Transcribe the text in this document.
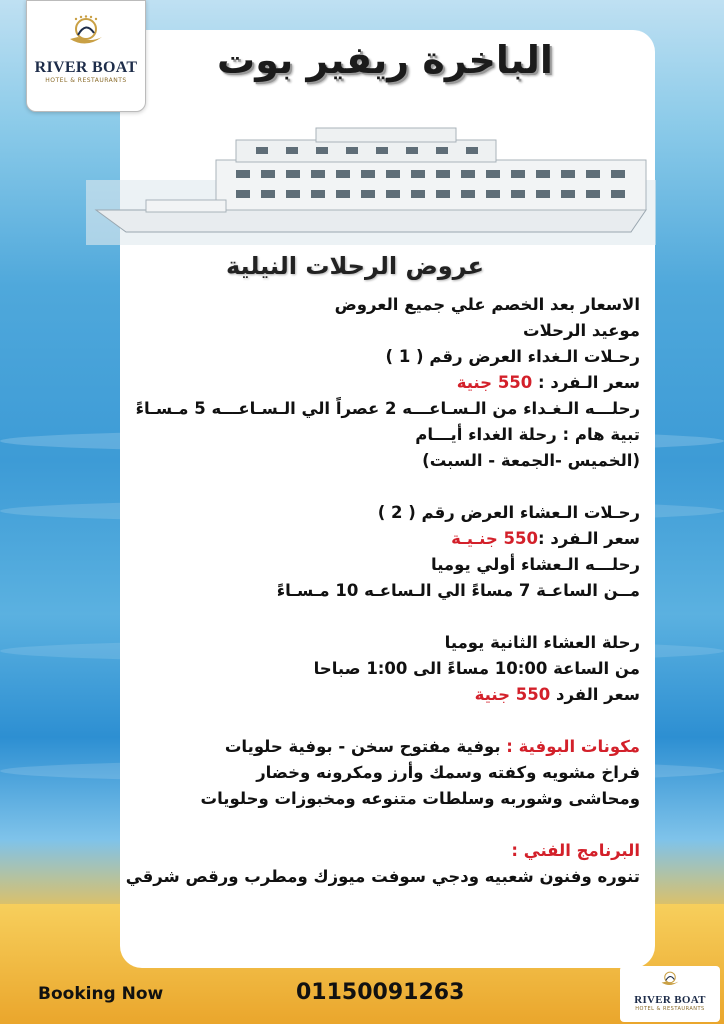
RIVER BOAT
HOTEL & RESTAURANTS	الباخرة ريفير بوت
عروض الرحلات النيلية
الاسعار بعد الخصم علي جميع العروض
موعيد الرحلات
رحـلات الـغداء العرض رقم ( 1 )
سعر الـفرد : 550 جنية
رحلـــه الـغـداء من الـسـاعـــه 2 عصراً الي الـسـاعـــه 5 مـسـاءً
تبية هام : رحلة الغداء أيـــام
(الخميس -الجمعة - السبت)
رحـلات الـعشاء العرض رقم ( 2 )
سعر الـفرد :550 جنـيـة
رحلـــه الـعشاء أولي يوميا
مــن الساعـة 7 مساءً الي الـساعـه 10 مـسـاءً
رحلة العشاء الثانية يوميا
من الساعة 10:00 مساءً الى 1:00 صباحا
سعر الفرد 550 جنية
مكونات البوفية : بوفية مفتوح سخن - بوفية حلويات
فراخ مشويه وكفته وسمك وأرز ومكرونه وخضار
ومحاشى وشوربه وسلطات متنوعه ومخبوزات وحلويات
البرنامج الفني :
تنوره وفنون شعبيه ودجي سوفت ميوزك ومطرب ورقص شرقي
Booking Now	01150091263	RIVER BOAT
HOTEL & RESTAURANTS
